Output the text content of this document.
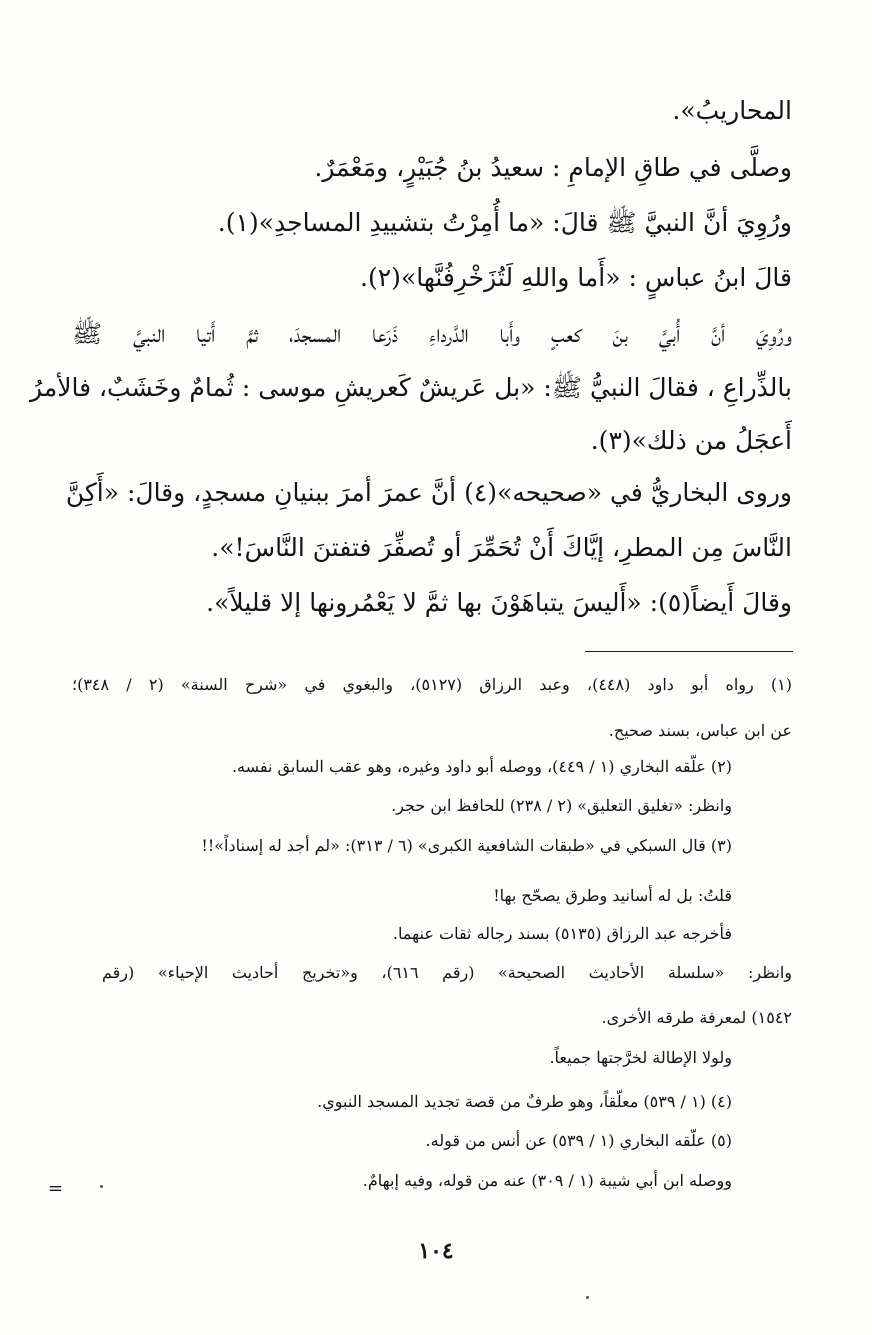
المحاريبُ».
وصلَّى في طاقِ الإمامِ : سعيدُ بنُ جُبَيْرٍ، ومَعْمَرٌ.
ورُوِيَ أنَّ النبيَّ ﷺ قالَ: «ما أُمِرْتُ بتشييدِ المساجدِ»(١).
قالَ ابنُ عباسٍ : «أَما واللهِ لَتُزَخْرِفُنَّها»(٢).
ورُوِيَ أنَّ أُبيَّ بنَ كعبٍ وأَبا الدَّرداءِ ذَرَعا المسجدَ، ثمَّ أَتيا النبيَّ ﷺ
بالذِّراعِ ، فقالَ النبيُّ ﷺ: «بل عَريشٌ كَعريشِ موسى : ثُمامٌ وخَشَبٌ، فالأمرُ
أَعجَلُ من ذلك»(٣).
وروى البخاريُّ في «صحيحه»(٤) أنَّ عمرَ أمرَ ببنيانِ مسجدٍ، وقالَ: «أَكِنَّ
النَّاسَ مِن المطرِ، إيَّاكَ أَنْ تُحَمِّرَ أو تُصفِّرَ فتفتنَ النَّاسَ!».
وقالَ أَيضاً(٥): «أَليسَ يتباهَوْنَ بها ثمَّ لا يَعْمُرونها إلا قليلاً».
(١) رواه أبو داود (٤٤٨)، وعبد الرزاق (٥١٢٧)، والبغوي في «شرح السنة» (٢ / ٣٤٨)؛
عن ابن عباس، بسند صحيح.
(٢) علّقه البخاري (١ / ٤٤٩)، ووصله أبو داود وغيره، وهو عقب السابق نفسه.
وانظر: «تغليق التعليق» (٢ / ٢٣٨) للحافظ ابن حجر.
(٣) قال السبكي في «طبقات الشافعية الكبرى» (٦ / ٣١٣): «لم أجد له إسناداً»!!
قلتُ: بل له أسانيد وطرق يصحّح بها!
فأخرجه عبد الرزاق (٥١٣٥) بسند رجاله ثقات عنهما.
وانظر: «سلسلة الأحاديث الصحيحة» (رقم ٦١٦)، و«تخريج أحاديث الإحياء» (رقم
١٥٤٢) لمعرفة طرقه الأخرى.
ولولا الإطالة لخرَّجتها جميعاً.
(٤) (١ / ٥٣٩) معلّقاً، وهو طرفٌ من قصة تجديد المسجد النبوي.
(٥) علّقه البخاري (١ / ٥٣٩) عن أنس من قوله.
ووصله ابن أبي شيبة (١ / ٣٠٩) عنه من قوله، وفيه إبهامٌ.
=
١٠٤
